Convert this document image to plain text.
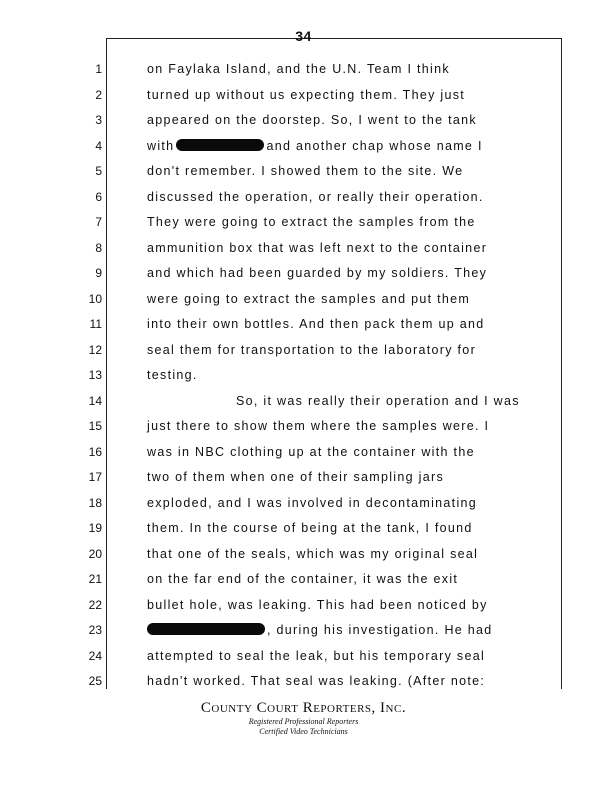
34
1	on Faylaka Island, and the U.N. Team I think
2	turned up without us expecting them. They just
3	appeared on the doorstep. So, I went to the tank
4	with	and another chap whose name I
5	don't remember. I showed them to the site. We
6	discussed the operation, or really their operation.
7	They were going to extract the samples from the
8	ammunition box that was left next to the container
9	and which had been guarded by my soldiers. They
10	were going to extract the samples and put them
11	into their own bottles. And then pack them up and
12	seal them for transportation to the laboratory for
13	testing.
14	So, it was really their operation and I was
15	just there to show them where the samples were. I
16	was in NBC clothing up at the container with the
17	two of them when one of their sampling jars
18	exploded, and I was involved in decontaminating
19	them. In the course of being at the tank, I found
20	that one of the seals, which was my original seal
21	on the far end of the container, it was the exit
22	bullet hole, was leaking. This had been noticed by
23	, during his investigation. He had
24	attempted to seal the leak, but his temporary seal
25	hadn't worked. That seal was leaking. (After note:
County Court Reporters, Inc.
Registered Professional Reporters
Certified Video Technicians
